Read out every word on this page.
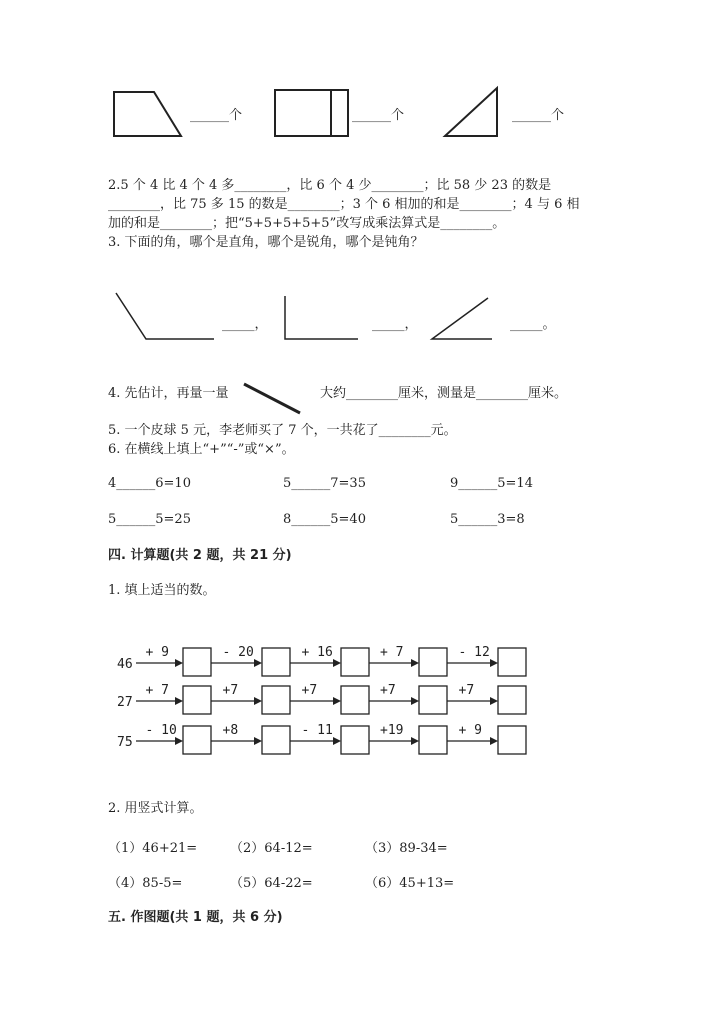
46
+ 9	- 20	+ 16	+ 7	- 12
27
+ 7	+7	+7	+7	+7
75
- 10	+8	- 11	+19	+ 9
______个	______个	______个
2.5 个 4 比 4 个 4 多________，比 6 个 4 少________；比 58 少 23 的数是
________，比 75 多 15 的数是________；3 个 6 相加的和是________；4 与 6 相
加的和是________；把“5+5+5+5+5”改写成乘法算式是________。
3. 下面的角，哪个是直角，哪个是锐角，哪个是钝角？
_____，	_____，	_____。
4. 先估计，再量一量	大约________厘米，测量是________厘米。
5. 一个皮球 5 元，李老师买了 7 个，一共花了________元。
6. 在横线上填上“+”“-”或“×”。
4______6=10	5______7=35	9______5=14
5______5=25	8______5=40	5______3=8
四. 计算题(共 2 题，共 21 分)
1. 填上适当的数。
2. 用竖式计算。
（1）46+21=	（2）64-12=	（3）89-34=
（4）85-5=	（5）64-22=	（6）45+13=
五. 作图题(共 1 题，共 6 分)
